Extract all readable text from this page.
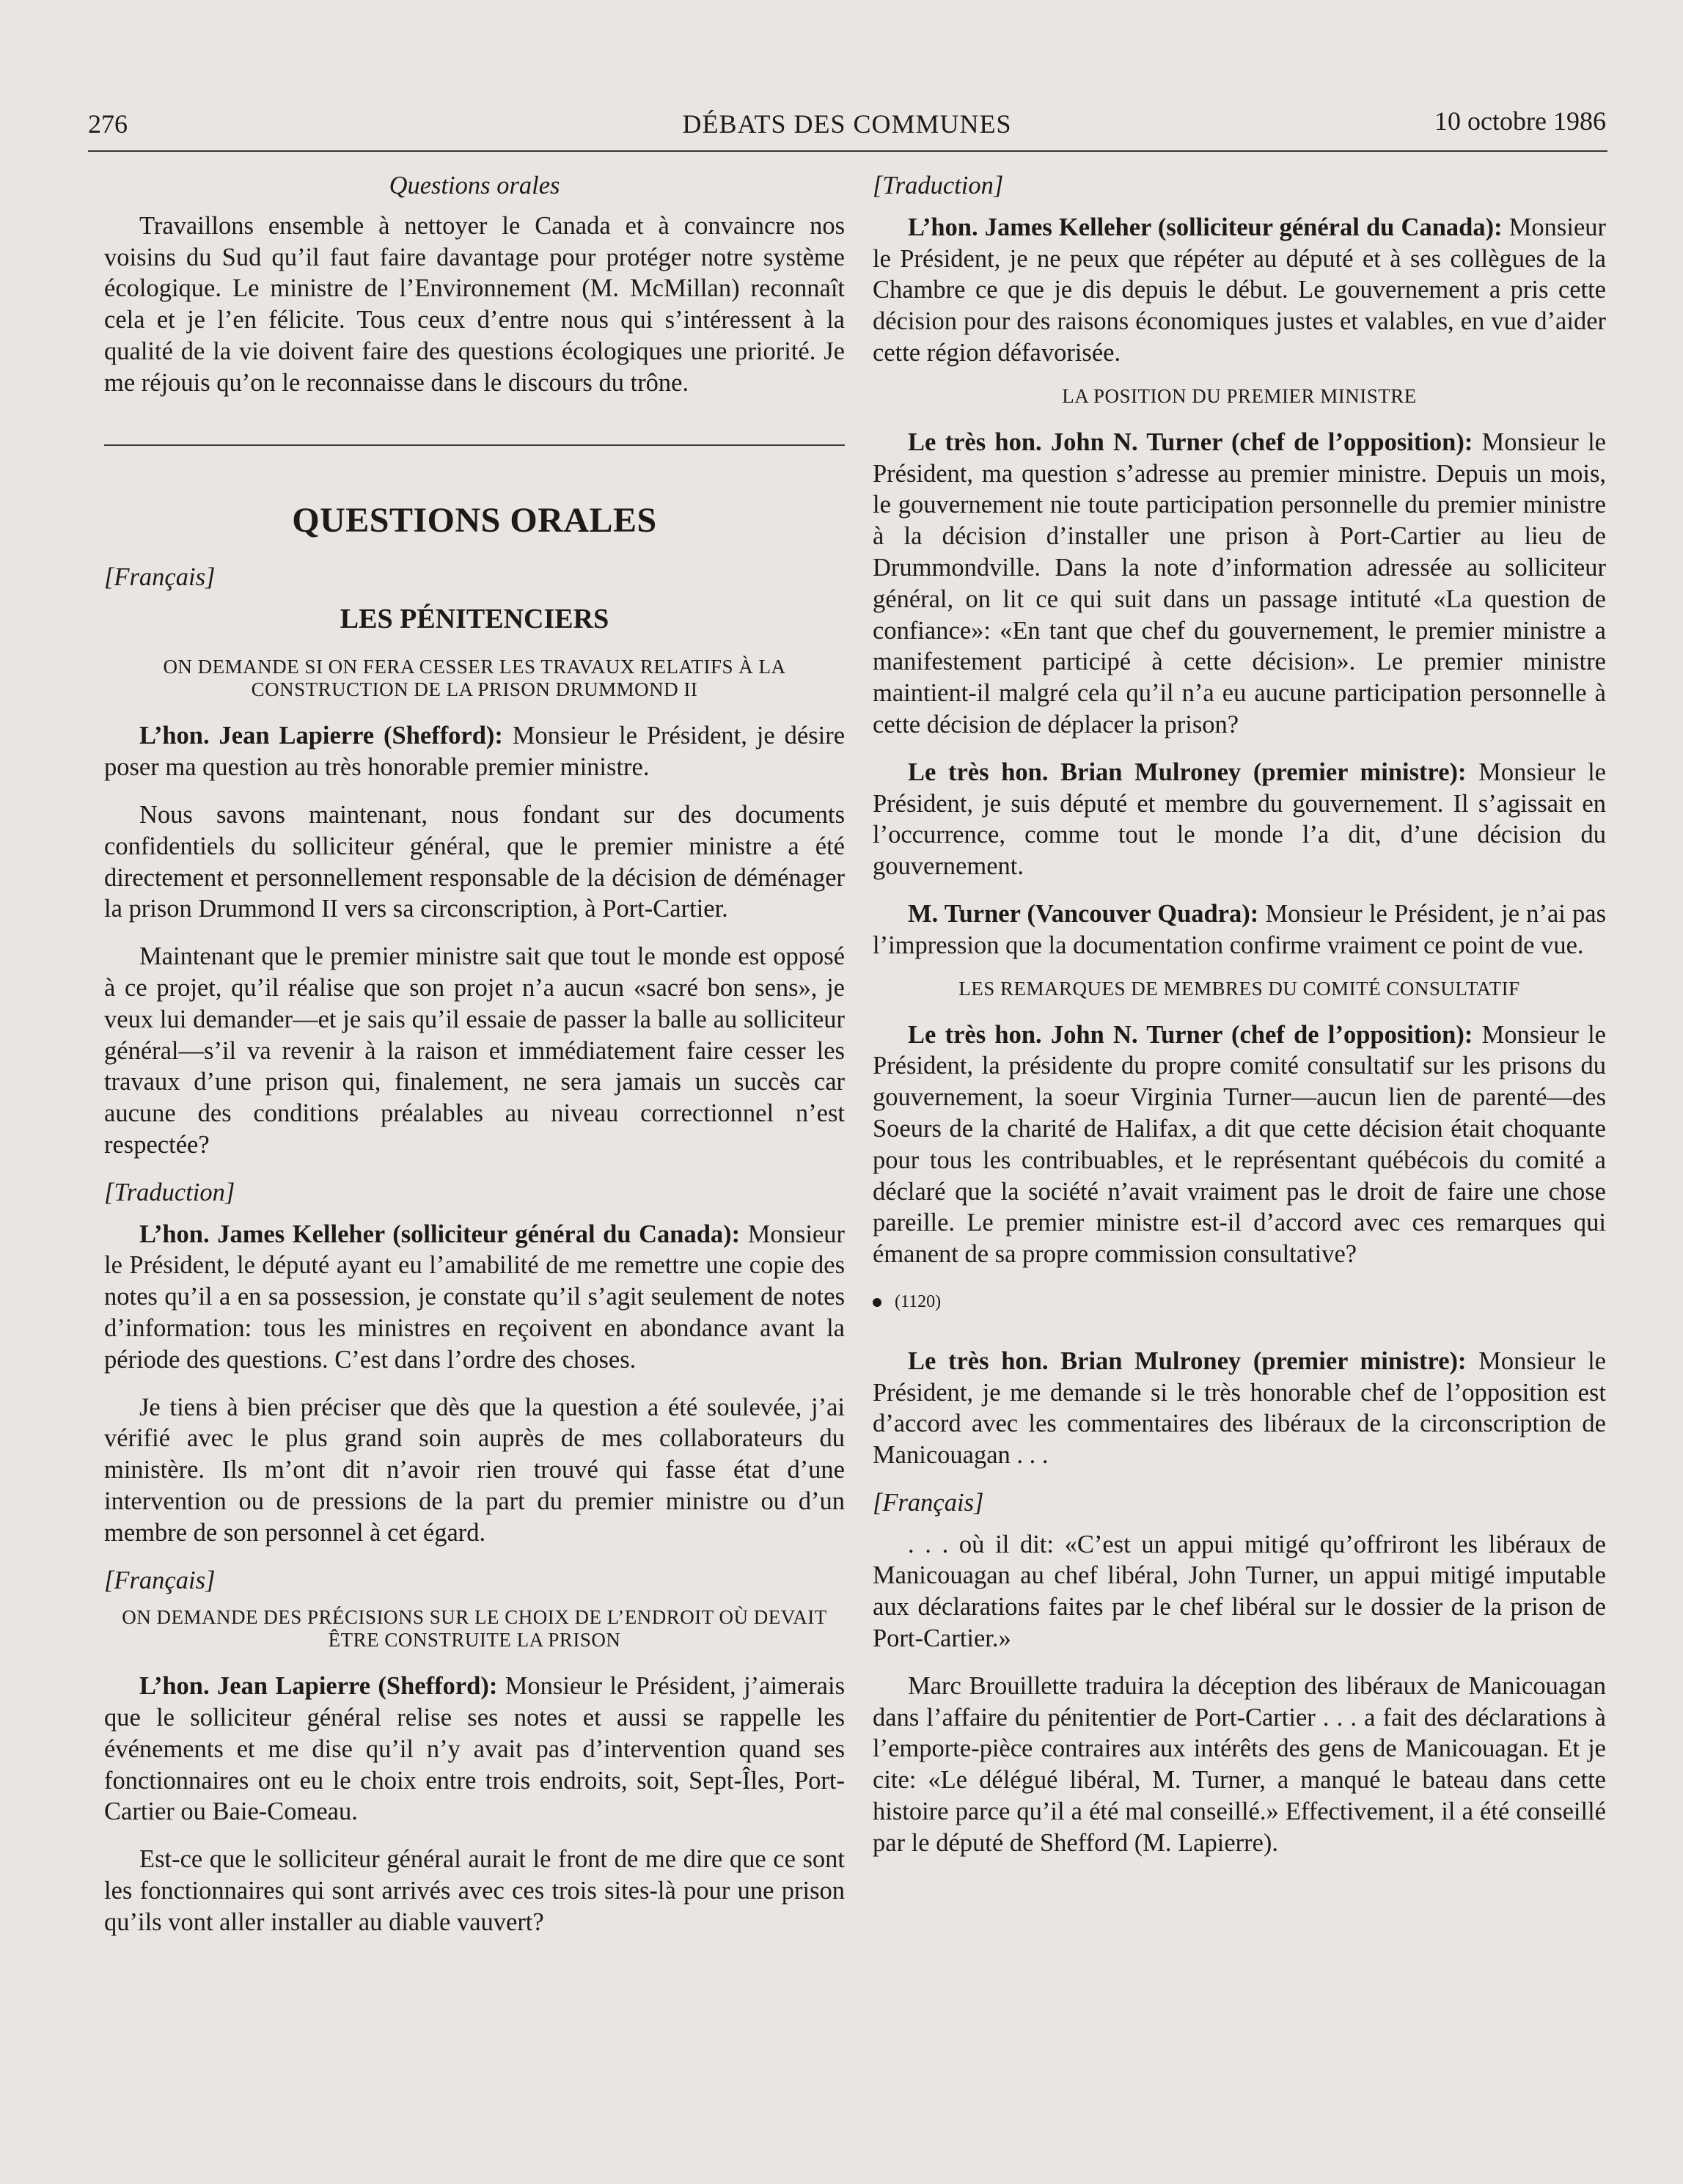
276	DÉBATS DES COMMUNES	10 octobre 1986
Questions orales

Travaillons ensemble à nettoyer le Canada et à convaincre nos voisins du Sud qu’il faut faire davantage pour protéger notre système écologique. Le ministre de l’Environnement (M. McMillan) reconnaît cela et je l’en félicite. Tous ceux d’entre nous qui s’intéressent à la qualité de la vie doivent faire des questions écologiques une priorité. Je me réjouis qu’on le reconnaisse dans le discours du trône.

QUESTIONS ORALES
[Français]
LES PÉNITENCIERS
ON DEMANDE SI ON FERA CESSER LES TRAVAUX RELATIFS À LA CONSTRUCTION DE LA PRISON DRUMMOND II

L’hon. Jean Lapierre (Shefford): Monsieur le Président, je désire poser ma question au très honorable premier ministre.

Nous savons maintenant, nous fondant sur des documents confidentiels du solliciteur général, que le premier ministre a été directement et personnellement responsable de la décision de déménager la prison Drummond II vers sa circonscription, à Port-Cartier.

Maintenant que le premier ministre sait que tout le monde est opposé à ce projet, qu’il réalise que son projet n’a aucun «sacré bon sens», je veux lui demander—et je sais qu’il essaie de passer la balle au solliciteur général—s’il va revenir à la raison et immédiatement faire cesser les travaux d’une prison qui, finalement, ne sera jamais un succès car aucune des conditions préalables au niveau correctionnel n’est respectée?

[Traduction]

L’hon. James Kelleher (solliciteur général du Canada): Monsieur le Président, le député ayant eu l’amabilité de me remettre une copie des notes qu’il a en sa possession, je constate qu’il s’agit seulement de notes d’information: tous les ministres en reçoivent en abondance avant la période des questions. C’est dans l’ordre des choses.

Je tiens à bien préciser que dès que la question a été soulevée, j’ai vérifié avec le plus grand soin auprès de mes collaborateurs du ministère. Ils m’ont dit n’avoir rien trouvé qui fasse état d’une intervention ou de pressions de la part du premier ministre ou d’un membre de son personnel à cet égard.

[Français]
ON DEMANDE DES PRÉCISIONS SUR LE CHOIX DE L’ENDROIT OÙ DEVAIT ÊTRE CONSTRUITE LA PRISON

L’hon. Jean Lapierre (Shefford): Monsieur le Président, j’aimerais que le solliciteur général relise ses notes et aussi se rappelle les événements et me dise qu’il n’y avait pas d’intervention quand ses fonctionnaires ont eu le choix entre trois endroits, soit, Sept-Îles, Port-Cartier ou Baie-Comeau.

Est-ce que le solliciteur général aurait le front de me dire que ce sont les fonctionnaires qui sont arrivés avec ces trois sites-là pour une prison qu’ils vont aller installer au diable vauvert?

[Traduction]

L’hon. James Kelleher (solliciteur général du Canada): Monsieur le Président, je ne peux que répéter au député et à ses collègues de la Chambre ce que je dis depuis le début. Le gouvernement a pris cette décision pour des raisons économiques justes et valables, en vue d’aider cette région défavorisée.

LA POSITION DU PREMIER MINISTRE

Le très hon. John N. Turner (chef de l’opposition): Monsieur le Président, ma question s’adresse au premier ministre. Depuis un mois, le gouvernement nie toute participation personnelle du premier ministre à la décision d’installer une prison à Port-Cartier au lieu de Drummondville. Dans la note d’information adressée au solliciteur général, on lit ce qui suit dans un passage intituté «La question de confiance»: «En tant que chef du gouvernement, le premier ministre a manifestement participé à cette décision». Le premier ministre maintient-il malgré cela qu’il n’a eu aucune participation personnelle à cette décision de déplacer la prison?

Le très hon. Brian Mulroney (premier ministre): Monsieur le Président, je suis député et membre du gouvernement. Il s’agissait en l’occurrence, comme tout le monde l’a dit, d’une décision du gouvernement.

M. Turner (Vancouver Quadra): Monsieur le Président, je n’ai pas l’impression que la documentation confirme vraiment ce point de vue.

LES REMARQUES DE MEMBRES DU COMITÉ CONSULTATIF

Le très hon. John N. Turner (chef de l’opposition): Monsieur le Président, la présidente du propre comité consultatif sur les prisons du gouvernement, la soeur Virginia Turner—aucun lien de parenté—des Soeurs de la charité de Halifax, a dit que cette décision était choquante pour tous les contribuables, et le représentant québécois du comité a déclaré que la société n’avait vraiment pas le droit de faire une chose pareille. Le premier ministre est-il d’accord avec ces remarques qui émanent de sa propre commission consultative?

(1120)

Le très hon. Brian Mulroney (premier ministre): Monsieur le Président, je me demande si le très honorable chef de l’opposition est d’accord avec les commentaires des libéraux de la circonscription de Manicouagan . . .

[Français]

. . . où il dit: «C’est un appui mitigé qu’offriront les libéraux de Manicouagan au chef libéral, John Turner, un appui mitigé imputable aux déclarations faites par le chef libéral sur le dossier de la prison de Port-Cartier.»

Marc Brouillette traduira la déception des libéraux de Manicouagan dans l’affaire du pénitentier de Port-Cartier . . . a fait des déclarations à l’emporte-pièce contraires aux intérêts des gens de Manicouagan. Et je cite: «Le délégué libéral, M. Turner, a manqué le bateau dans cette histoire parce qu’il a été mal conseillé.» Effectivement, il a été conseillé par le député de Shefford (M. Lapierre).
